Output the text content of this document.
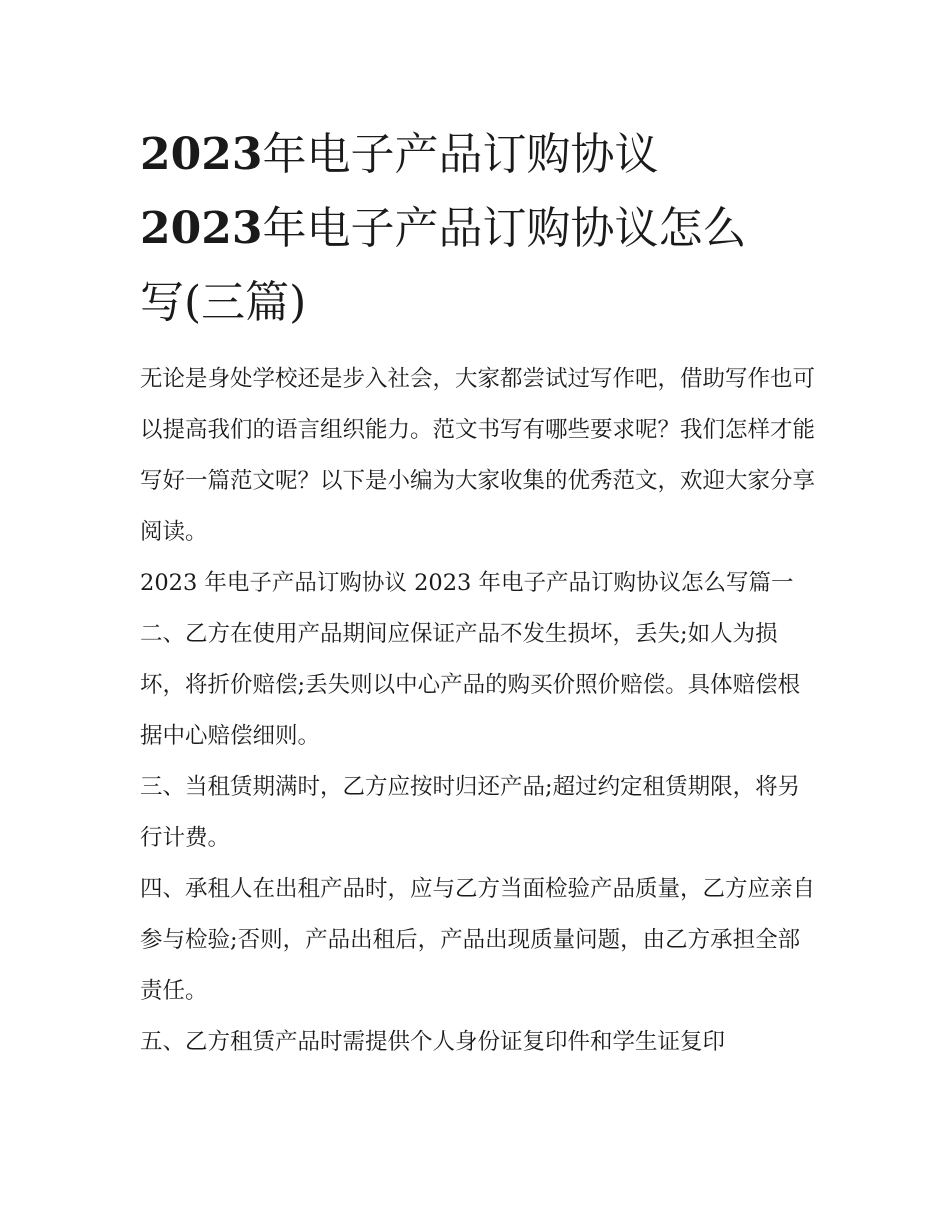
2023年电子产品订购协议
2023年电子产品订购协议怎么
写(三篇)
无论是身处学校还是步入社会，大家都尝试过写作吧，借助写作也可以提高我们的语言组织能力。范文书写有哪些要求呢？我们怎样才能写好一篇范文呢？以下是小编为大家收集的优秀范文，欢迎大家分享阅读。
2023 年电子产品订购协议 2023 年电子产品订购协议怎么写篇一
二、乙方在使用产品期间应保证产品不发生损坏，丢失;如人为损坏，将折价赔偿;丢失则以中心产品的购买价照价赔偿。具体赔偿根据中心赔偿细则。
三、当租赁期满时，乙方应按时归还产品;超过约定租赁期限，将另行计费。
四、承租人在出租产品时，应与乙方当面检验产品质量，乙方应亲自参与检验;否则，产品出租后，产品出现质量问题，由乙方承担全部责任。
五、乙方租赁产品时需提供个人身份证复印件和学生证复印
